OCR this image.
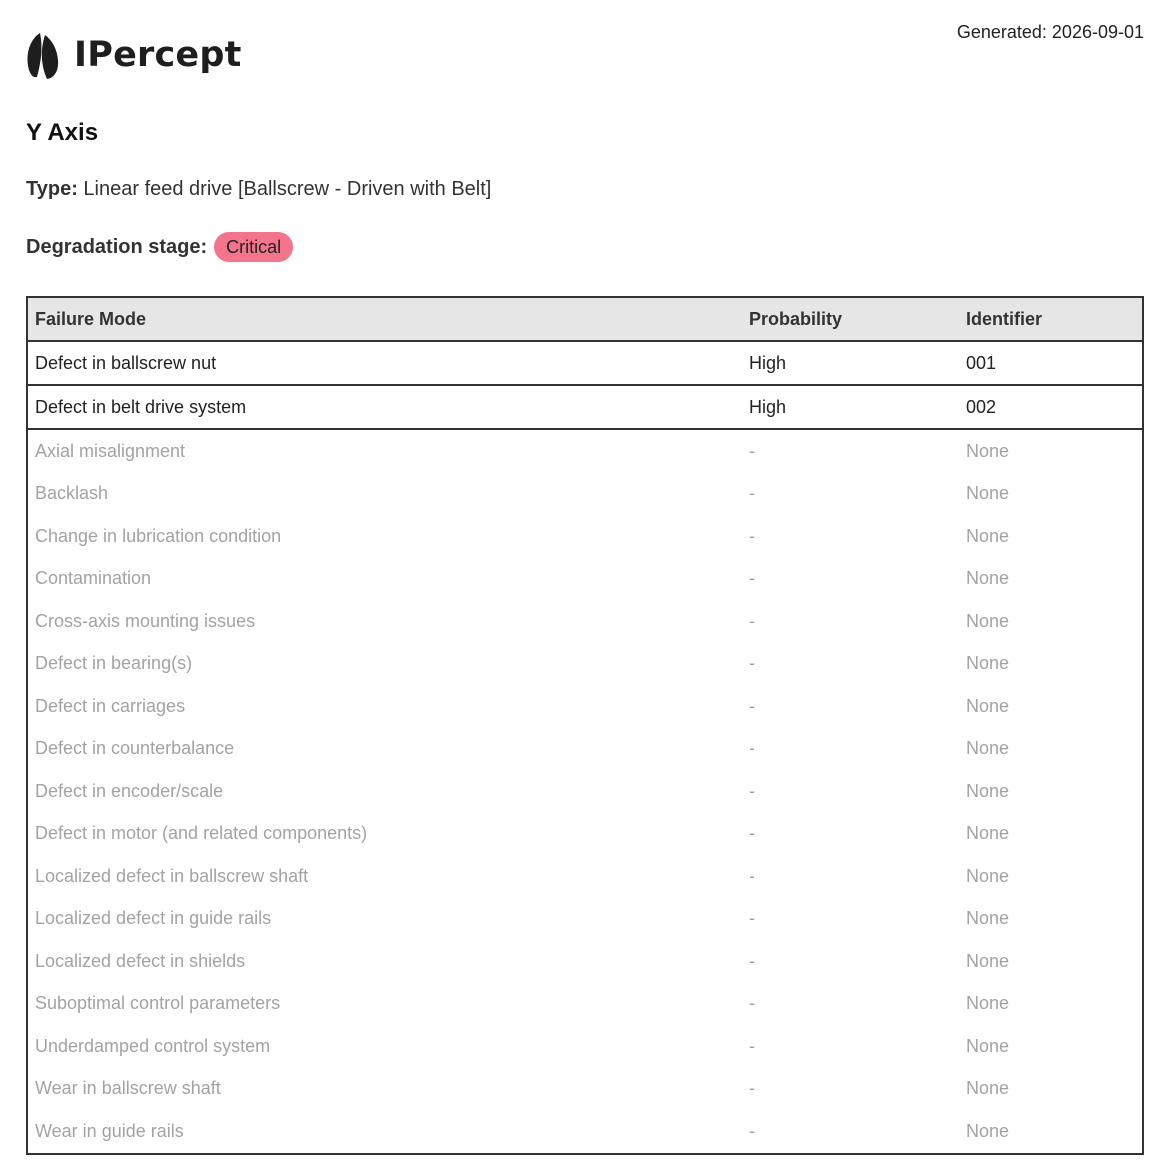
IPercept
Generated: 2026-09-01
Y Axis
Type: Linear feed drive [Ballscrew - Driven with Belt]
Degradation stage:	Critical
Failure Mode	Probability	Identifier
Defect in ballscrew nut	High	001
Defect in belt drive system	High	002
Axial misalignment	-	None
Backlash	-	None
Change in lubrication condition	-	None
Contamination	-	None
Cross-axis mounting issues	-	None
Defect in bearing(s)	-	None
Defect in carriages	-	None
Defect in counterbalance	-	None
Defect in encoder/scale	-	None
Defect in motor (and related components)	-	None
Localized defect in ballscrew shaft	-	None
Localized defect in guide rails	-	None
Localized defect in shields	-	None
Suboptimal control parameters	-	None
Underdamped control system	-	None
Wear in ballscrew shaft	-	None
Wear in guide rails	-	None
